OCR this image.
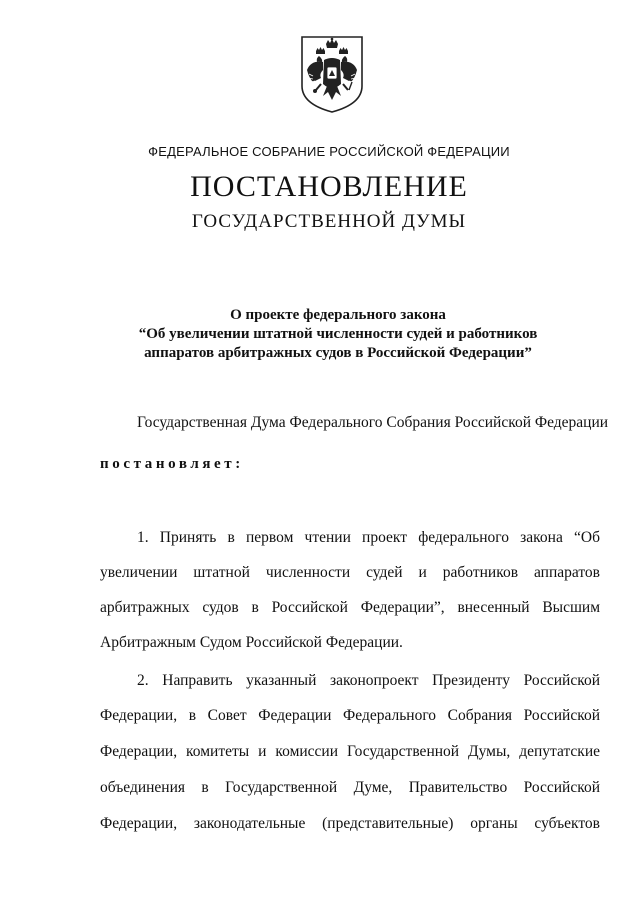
ФЕДЕРАЛЬНОЕ СОБРАНИЕ РОССИЙСКОЙ ФЕДЕРАЦИИ
ПОСТАНОВЛЕНИЕ
ГОСУДАРСТВЕННОЙ ДУМЫ
О проекте федерального закона
“Об увеличении штатной численности судей и работников
аппаратов арбитражных судов в Российской Федерации”
Государственная Дума Федерального Собрания Российской Федерации
постановляет:
1. Принять в первом чтении проект федерального закона “Об
увеличении штатной численности судей и работников аппаратов
арбитражных судов в Российской Федерации”, внесенный Высшим
Арбитражным Судом Российской Федерации.
2. Направить указанный законопроект Президенту Российской
Федерации, в Совет Федерации Федерального Собрания Российской
Федерации, комитеты и комиссии Государственной Думы, депутатские
объединения в Государственной Думе, Правительство Российской
Федерации, законодательные (представительные) органы субъектов
